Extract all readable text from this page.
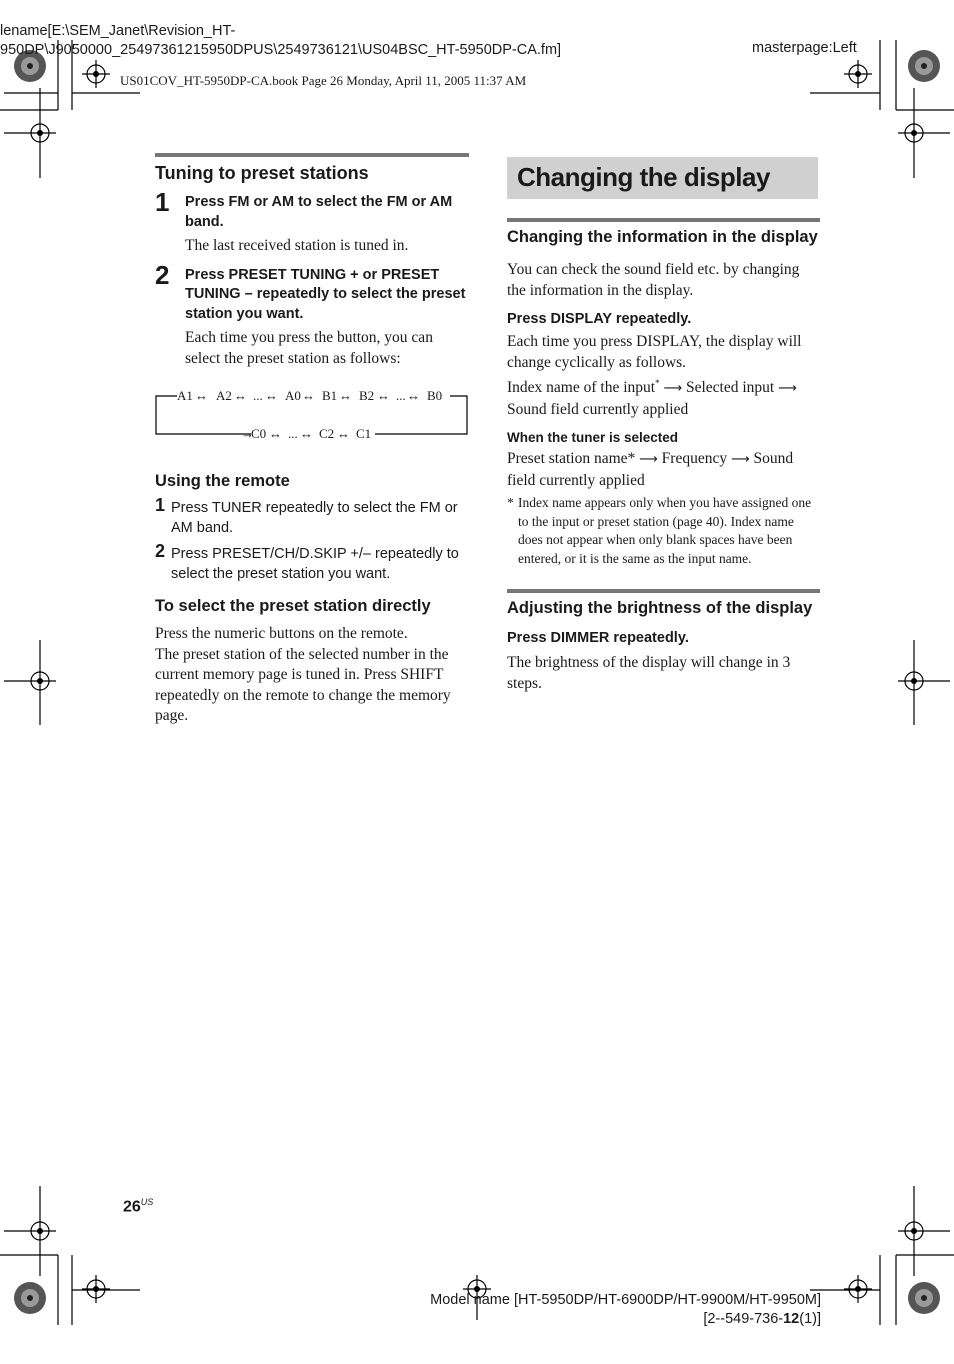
lename[E:\SEM_Janet\Revision_HT-
950DP\J9050000_25497361215950DPUS\2549736121\US04BSC_HT-5950DP-CA.fm]	masterpage:Left
US01COV_HT-5950DP-CA.book Page 26 Monday, April 11, 2005 11:37 AM
Tuning to preset stations
1 Press FM or AM to select the FM or AM band.
The last received station is tuned in.
2 Press PRESET TUNING + or PRESET TUNING – repeatedly to select the preset station you want.
Each time you press the button, you can select the preset station as follows:
A1 ↔ A2 ↔ ... ↔ A0 ↔ B1 ↔ B2 ↔ ... ↔ B0
→
C0 ↔ ... ↔ C2 ↔ C1
Using the remote
1 Press TUNER repeatedly to select the FM or AM band.
2 Press PRESET/CH/D.SKIP +/– repeatedly to select the preset station you want.
To select the preset station directly
Press the numeric buttons on the remote.
The preset station of the selected number in the current memory page is tuned in. Press SHIFT repeatedly on the remote to change the memory page.
Changing the display
Changing the information in the display
You can check the sound field etc. by changing the information in the display.
Press DISPLAY repeatedly.
Each time you press DISPLAY, the display will change cyclically as follows.
Index name of the input* ⟶ Selected input ⟶ Sound field currently applied
When the tuner is selected
Preset station name* ⟶ Frequency ⟶ Sound field currently applied
* Index name appears only when you have assigned one to the input or preset station (page 40). Index name does not appear when only blank spaces have been entered, or it is the same as the input name.
Adjusting the brightness of the display
Press DIMMER repeatedly.
The brightness of the display will change in 3 steps.
$26^{US}$
Model name [HT-5950DP/HT-6900DP/HT-9900M/HT-9950M]
[2--549-736-12(1)]
